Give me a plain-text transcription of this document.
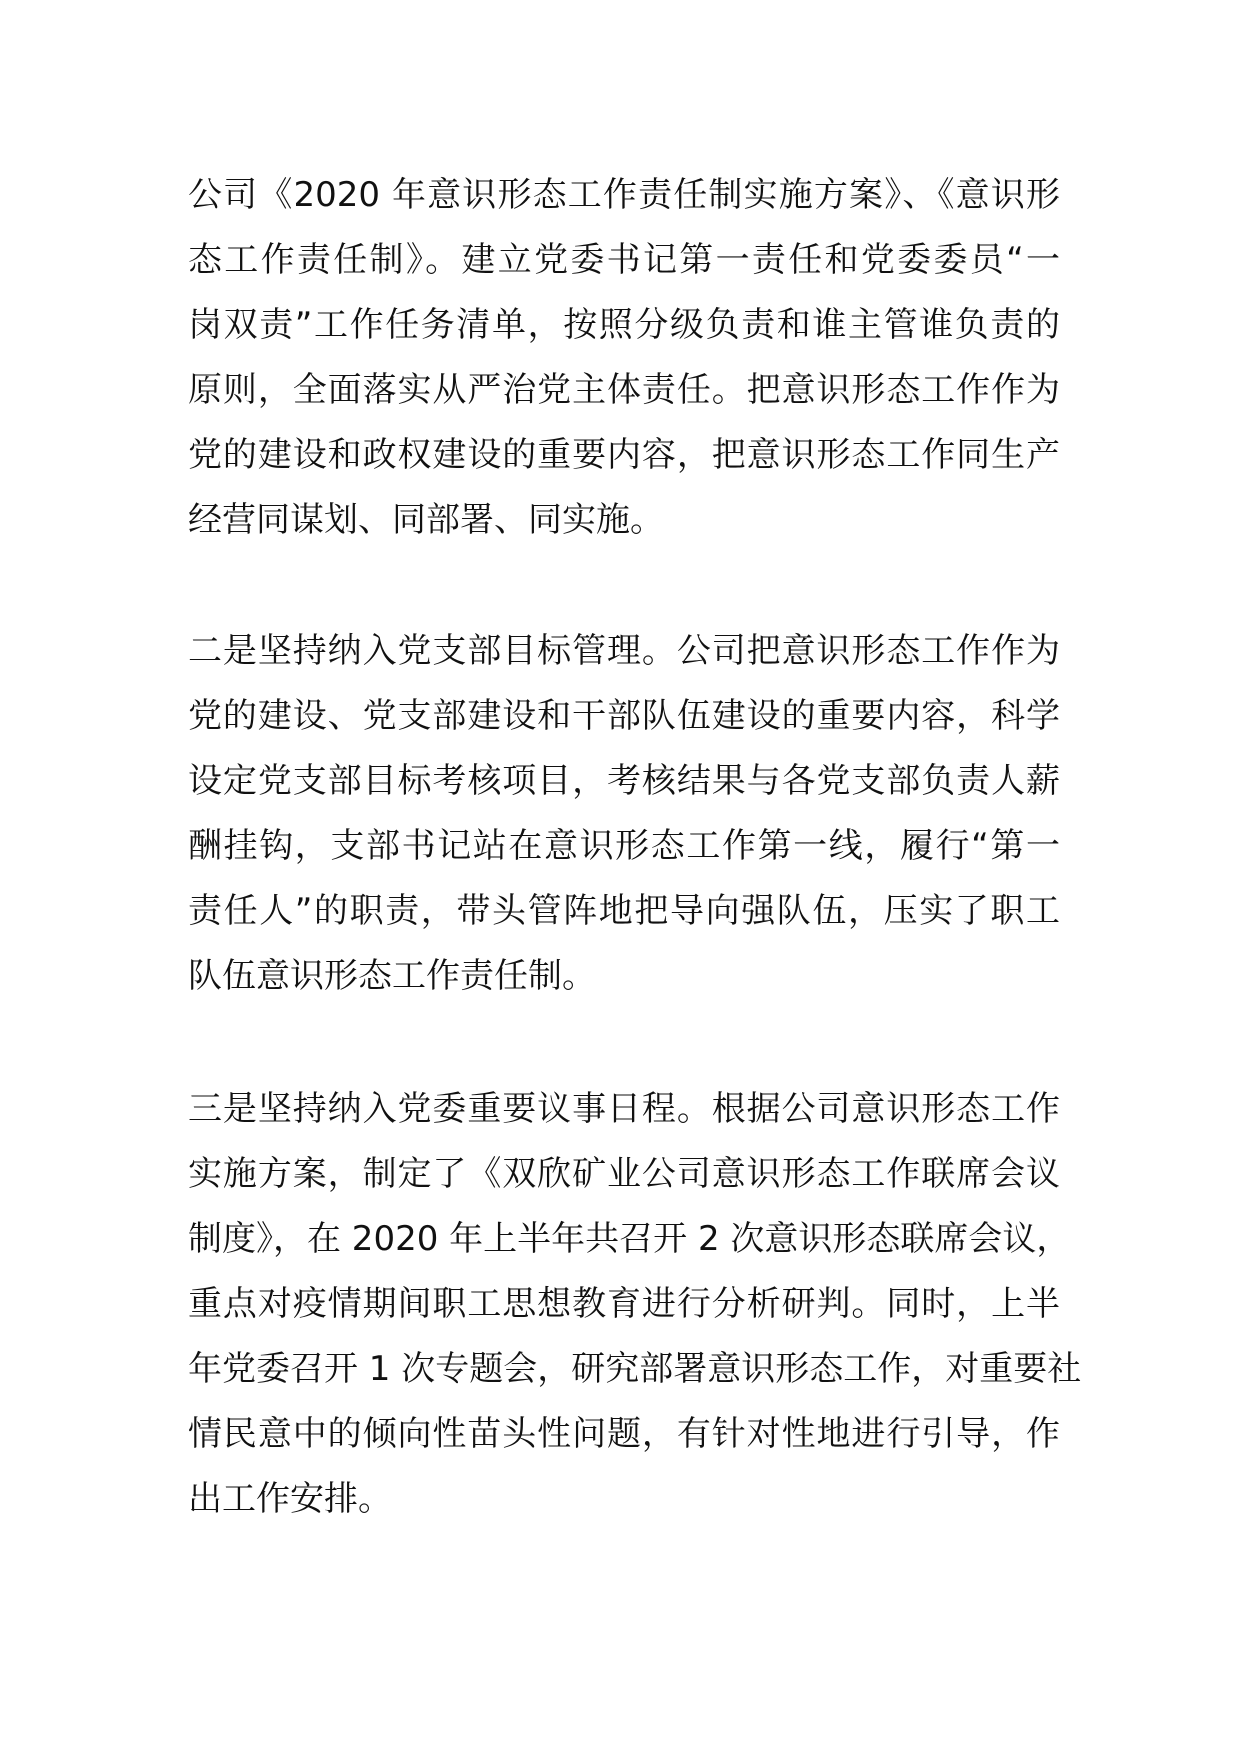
公司《2020 年意识形态工作责任制实施方案》、《意识形
态工作责任制》。建立党委书记第一责任和党委委员“一
岗双责”工作任务清单，按照分级负责和谁主管谁负责的
原则，全面落实从严治党主体责任。把意识形态工作作为
党的建设和政权建设的重要内容，把意识形态工作同生产
经营同谋划、同部署、同实施。
二是坚持纳入党支部目标管理。公司把意识形态工作作为
党的建设、党支部建设和干部队伍建设的重要内容，科学
设定党支部目标考核项目，考核结果与各党支部负责人薪
酬挂钩，支部书记站在意识形态工作第一线，履行“第一
责任人”的职责，带头管阵地把导向强队伍，压实了职工
队伍意识形态工作责任制。
三是坚持纳入党委重要议事日程。根据公司意识形态工作
实施方案，制定了《双欣矿业公司意识形态工作联席会议
制度》，在 2020 年上半年共召开 2 次意识形态联席会议，
重点对疫情期间职工思想教育进行分析研判。同时，上半
年党委召开 1 次专题会，研究部署意识形态工作，对重要社
情民意中的倾向性苗头性问题，有针对性地进行引导，作
出工作安排。
